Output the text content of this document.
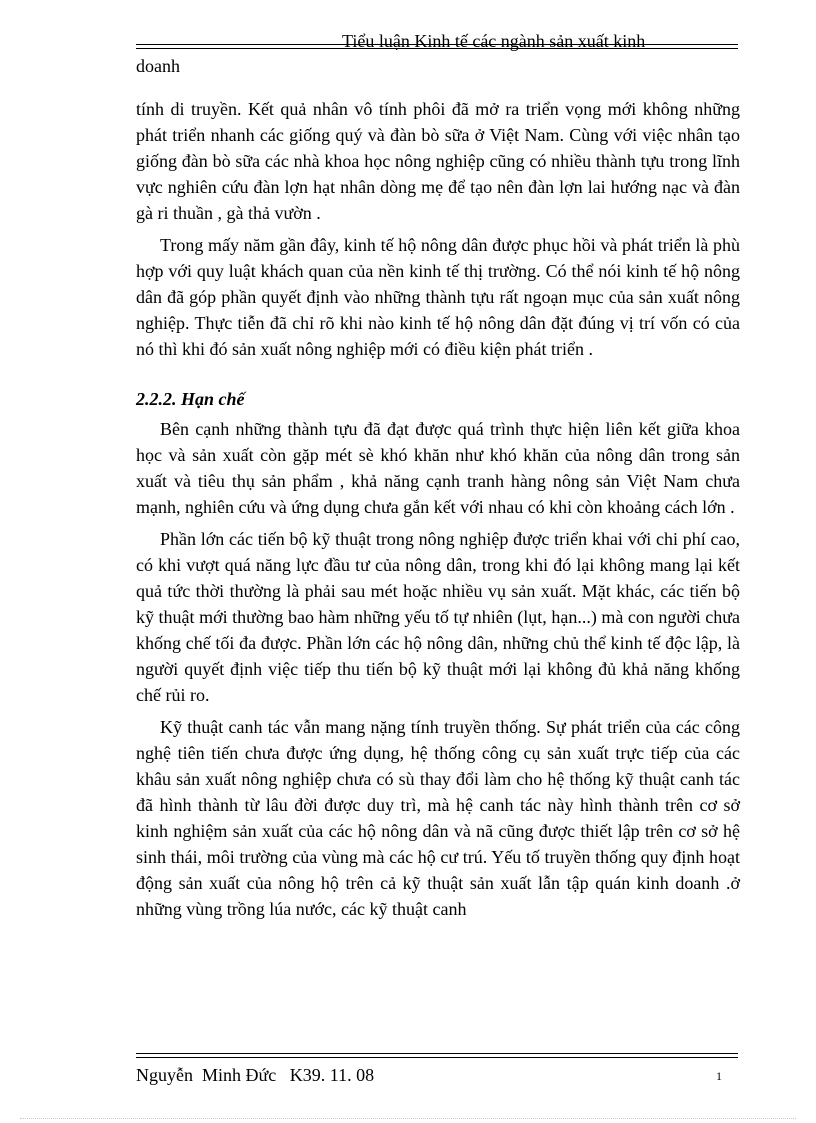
Tiểu luận Kinh tế các ngành sản xuất kinh
doanh

tính di truyền. Kết quả nhân vô tính phôi đã mở ra triển vọng mới không những phát triển nhanh các giống quý và đàn bò sữa ở Việt Nam. Cùng với việc nhân tạo giống đàn bò sữa các nhà khoa học nông nghiệp cũng có nhiều thành tựu trong lĩnh vực nghiên cứu đàn lợn hạt nhân dòng mẹ để tạo nên đàn lợn lai hướng nạc và đàn gà ri thuần , gà thả vườn .

Trong mấy năm gần đây, kinh tế hộ nông dân được phục hồi và phát triển là phù hợp với quy luật khách quan của nền kinh tế thị trường. Có thể nói kinh tế hộ nông dân đã góp phần quyết định vào những thành tựu rất ngoạn mục của sản xuất nông nghiệp. Thực tiễn đã chỉ rõ khi nào kinh tế hộ nông dân đặt đúng vị trí vốn có của nó thì khi đó sản xuất nông nghiệp mới có điều kiện phát triển .

2.2.2. Hạn chế

Bên cạnh những thành tựu đã đạt được quá trình thực hiện liên kết giữa khoa học và sản xuất còn gặp mét sè khó khăn như khó khăn của nông dân trong sản xuất và tiêu thụ sản phẩm , khả năng cạnh tranh hàng nông sản Việt Nam chưa mạnh, nghiên cứu và ứng dụng chưa gắn kết với nhau có khi còn khoảng cách lớn .

Phần lớn các tiến bộ kỹ thuật trong nông nghiệp được triển khai với chi phí cao, có khi vượt quá năng lực đầu tư của nông dân, trong khi đó lại không mang lại kết quả tức thời thường là phải sau mét hoặc nhiều vụ sản xuất. Mặt khác, các tiến bộ kỹ thuật mới thường bao hàm những yếu tố tự nhiên (lụt, hạn...) mà con người chưa khống chế tối đa được. Phần lớn các hộ nông dân, những chủ thể kinh tế độc lập, là người quyết định việc tiếp thu tiến bộ kỹ thuật mới lại không đủ khả năng khống chế rủi ro.

Kỹ thuật canh tác vẫn mang nặng tính truyền thống. Sự phát triển của các công nghệ tiên tiến chưa được ứng dụng, hệ thống công cụ sản xuất trực tiếp của các khâu sản xuất nông nghiệp chưa có sù thay đổi làm cho hệ thống kỹ thuật canh tác đã hình thành từ lâu đời được duy trì, mà hệ canh tác này hình thành trên cơ sở kinh nghiệm sản xuất của các hộ nông dân và nã cũng được thiết lập trên cơ sở hệ sinh thái, môi trường của vùng mà các hộ cư trú. Yếu tố truyền thống quy định hoạt động sản xuất của nông hộ trên cả kỹ thuật sản xuất lẫn tập quán kinh doanh .ở những vùng trồng lúa nước, các kỹ thuật canh

Nguyễn  Minh Đức   K39. 11. 08	1
